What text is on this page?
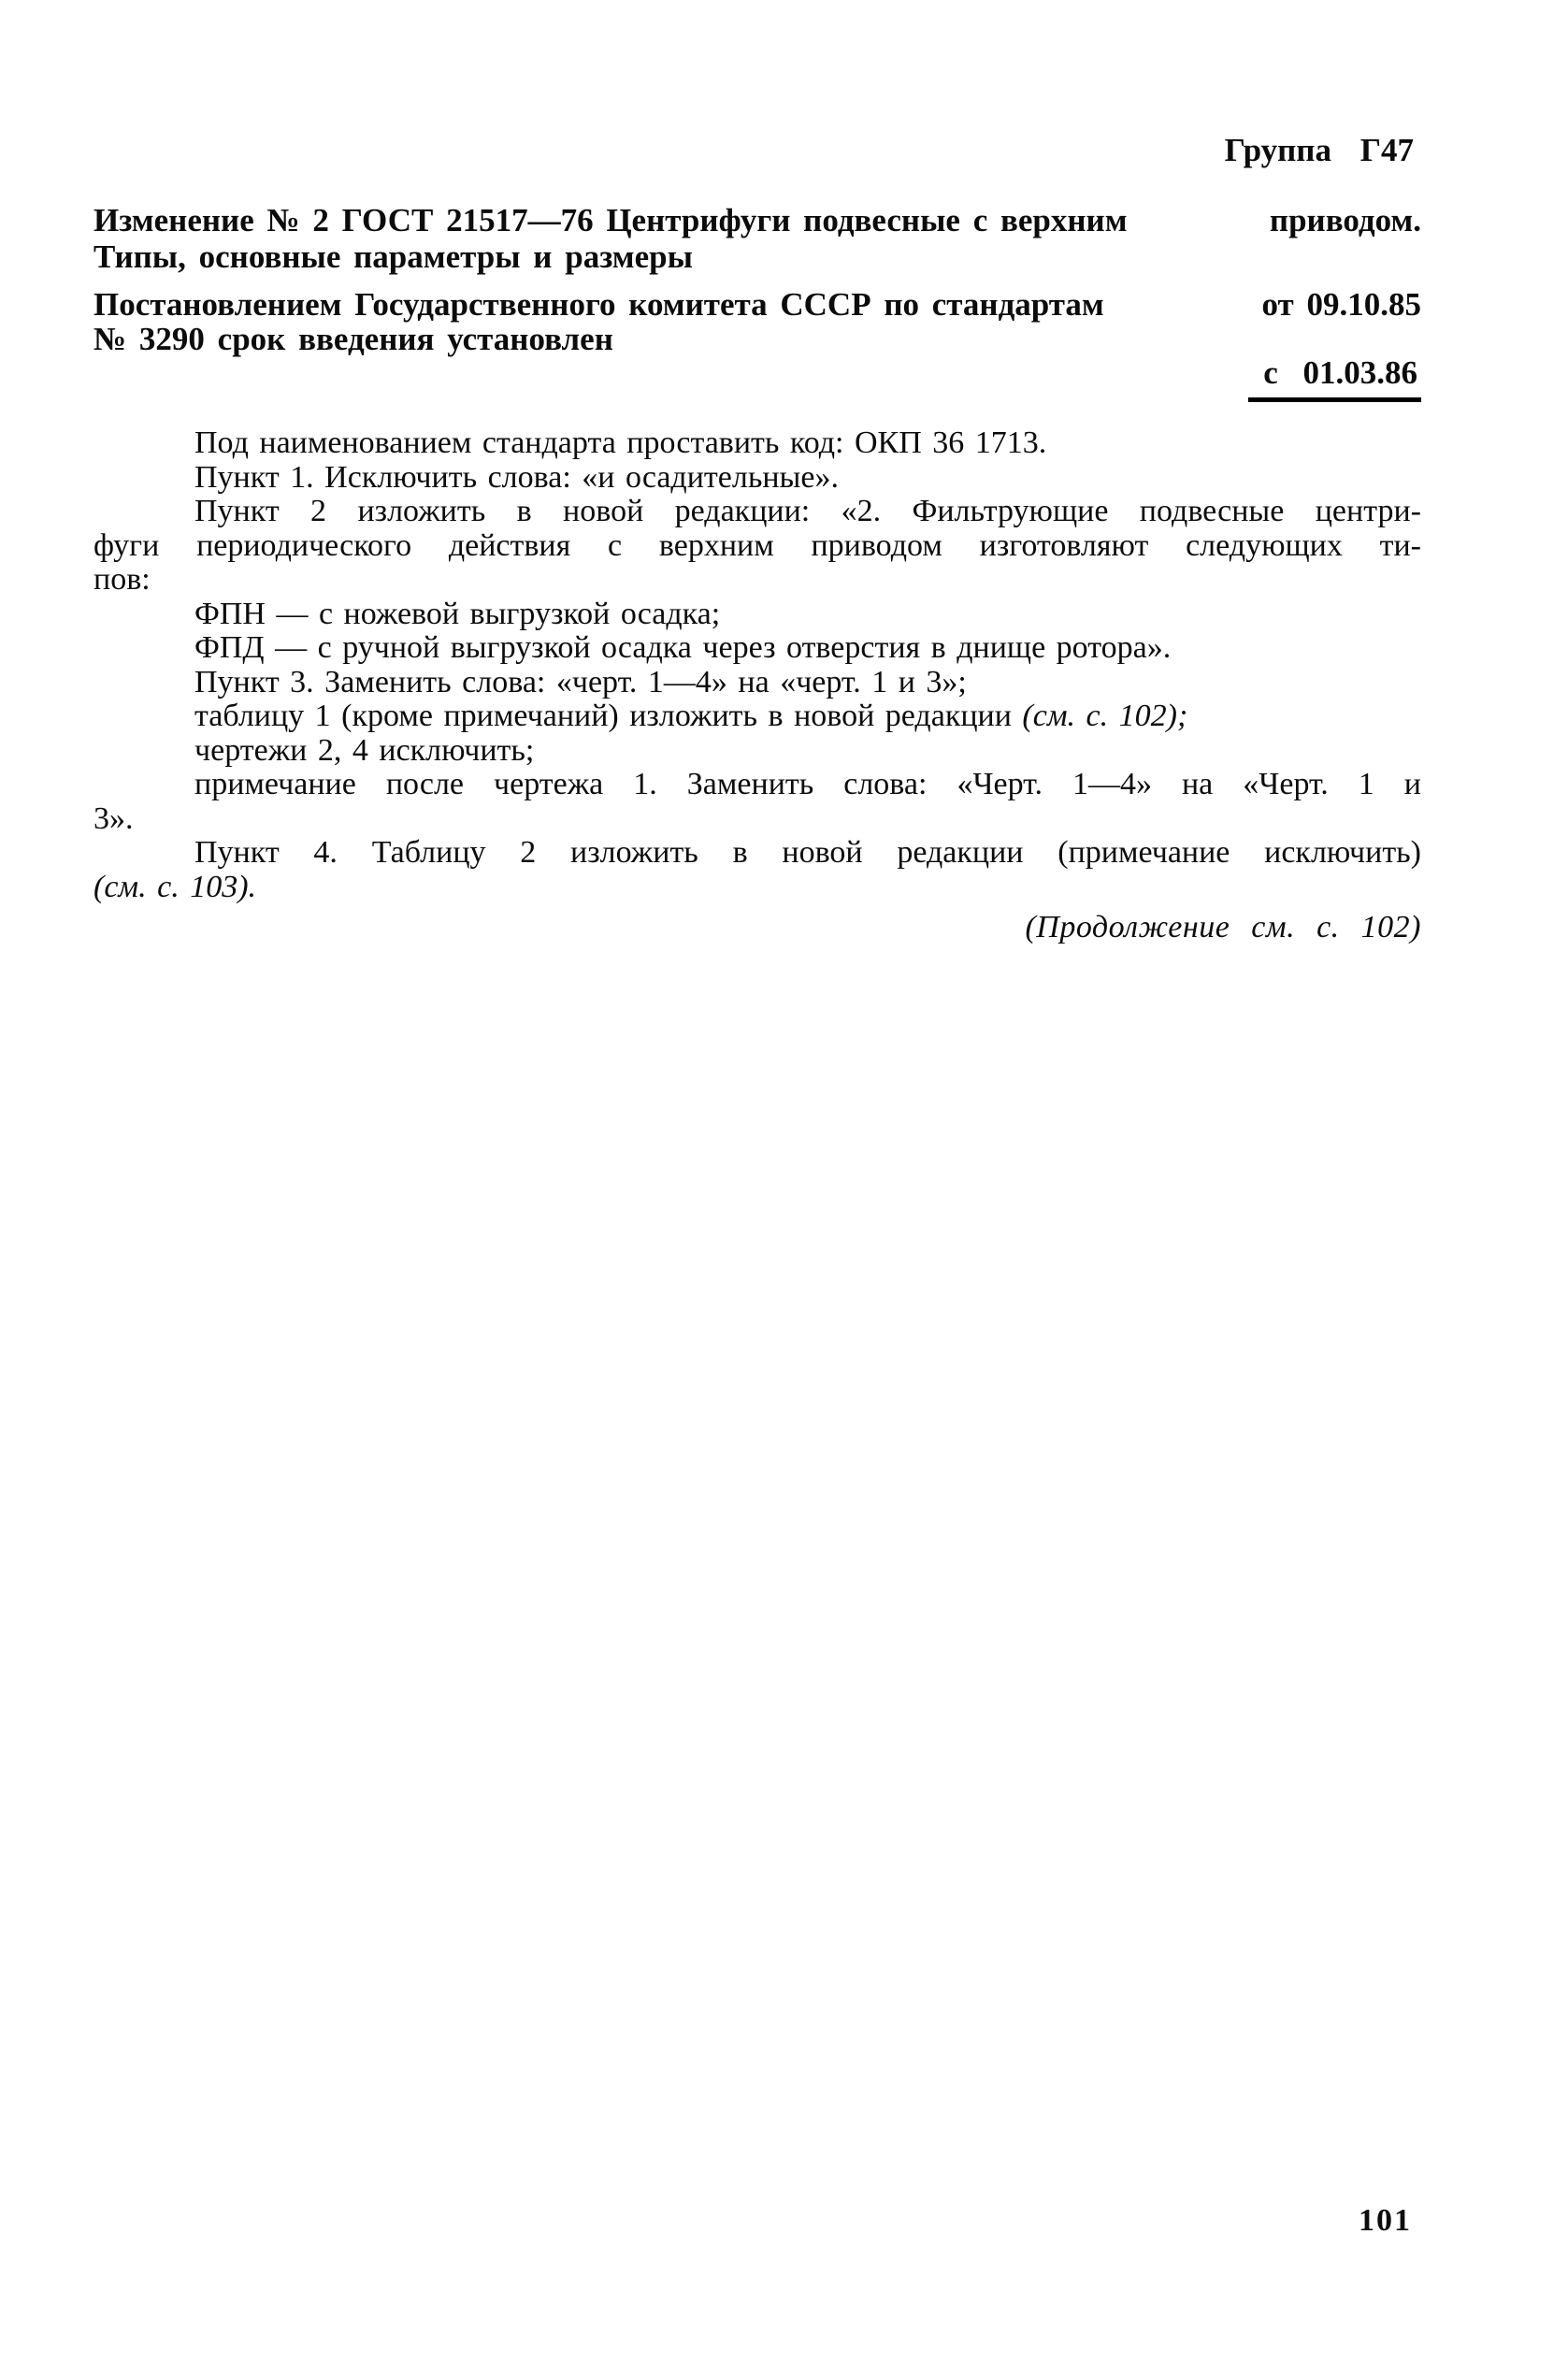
Группа Г47
Изменение № 2 ГОСТ 21517—76 Центрифуги подвесные с верхним	приводом.
Типы, основные параметры и размеры
Постановлением Государственного комитета СССР по стандартам	от 09.10.85
№ 3290 срок введения установлен
с 01.03.86
Под наименованием стандарта проставить код: ОКП 36 1713.
Пункт 1. Исключить слова: «и осадительные».
Пункт 2 изложить в новой редакции: «2. Фильтрующие подвесные центри-
фуги периодического действия с верхним приводом изготовляют следующих ти-
пов:
ФПН — с ножевой выгрузкой осадка;
ФПД — с ручной выгрузкой осадка через отверстия в днище ротора».
Пункт 3. Заменить слова: «черт. 1—4» на «черт. 1 и 3»;
таблицу 1 (кроме примечаний) изложить в новой редакции (см. с. 102);
чертежи 2, 4 исключить;
примечание после чертежа 1. Заменить слова: «Черт. 1—4» на «Черт. 1 и
3».
Пункт 4. Таблицу 2 изложить в новой редакции (примечание исключить)
(см. с. 103).
(Продолжение см. с. 102)
101
